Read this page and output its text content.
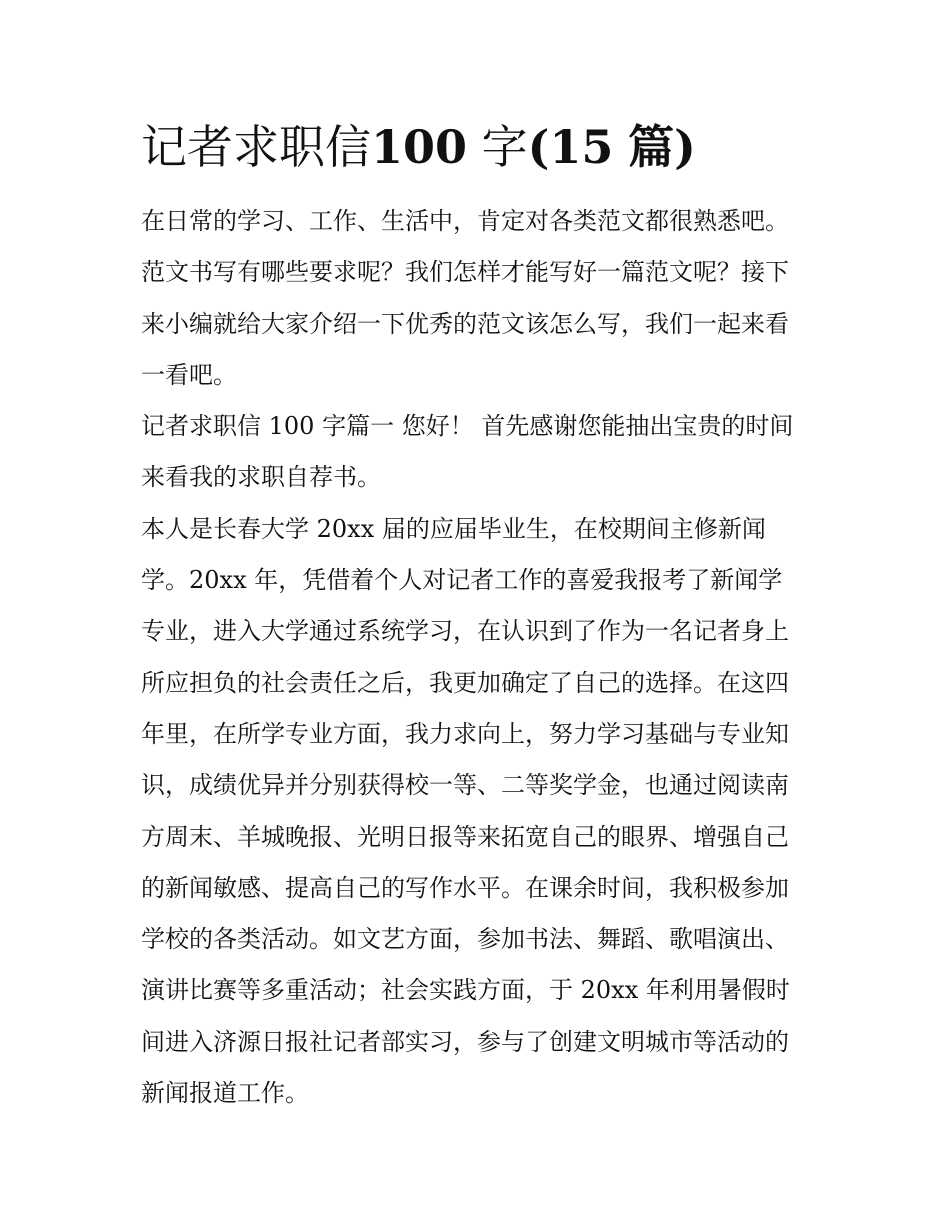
记者求职信100 字(15 篇)
在日常的学习、工作、生活中，肯定对各类范文都很熟悉吧。
范文书写有哪些要求呢？我们怎样才能写好一篇范文呢？接下
来小编就给大家介绍一下优秀的范文该怎么写，我们一起来看
一看吧。
记者求职信 100 字篇一 您好！ 首先感谢您能抽出宝贵的时间
来看我的求职自荐书。
本人是长春大学 20xx 届的应届毕业生，在校期间主修新闻
学。20xx 年，凭借着个人对记者工作的喜爱我报考了新闻学
专业，进入大学通过系统学习，在认识到了作为一名记者身上
所应担负的社会责任之后，我更加确定了自己的选择。在这四
年里，在所学专业方面，我力求向上，努力学习基础与专业知
识，成绩优异并分别获得校一等、二等奖学金，也通过阅读南
方周末、羊城晚报、光明日报等来拓宽自己的眼界、增强自己
的新闻敏感、提高自己的写作水平。在课余时间，我积极参加
学校的各类活动。如文艺方面，参加书法、舞蹈、歌唱演出、
演讲比赛等多重活动；社会实践方面，于 20xx 年利用暑假时
间进入济源日报社记者部实习，参与了创建文明城市等活动的
新闻报道工作。
